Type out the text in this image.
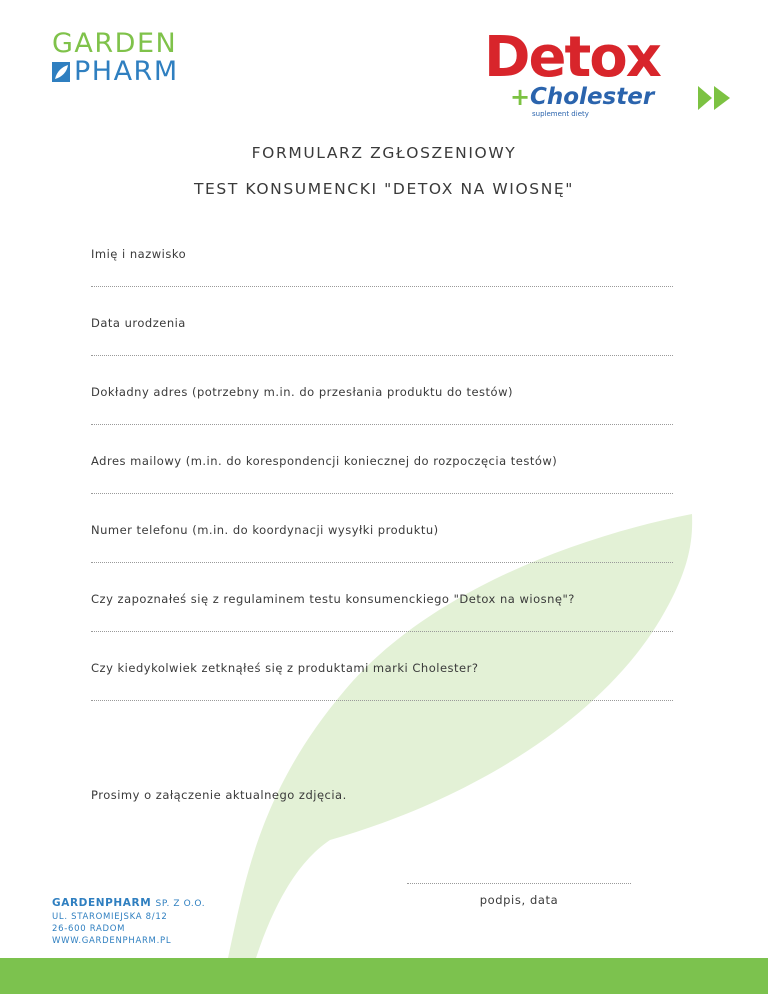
GARDEN
PHARM	Detox
+ Cholester
suplement diety
FORMULARZ ZGŁOSZENIOWY
TEST KONSUMENCKI "DETOX NA WIOSNĘ"
Imię i nazwisko
Data urodzenia
Dokładny adres (potrzebny m.in. do przesłania produktu do testów)
Adres mailowy (m.in. do korespondencji koniecznej do rozpoczęcia testów)
Numer telefonu (m.in. do koordynacji wysyłki produktu)
Czy zapoznałeś się z regulaminem testu konsumenckiego "Detox na wiosnę"?
Czy kiedykolwiek zetknąłeś się z produktami marki Cholester?
Prosimy o załączenie aktualnego zdjęcia.
podpis, data
GARDENPHARM SP. Z O.O.
UL. STAROMIEJSKA 8/12
26-600 RADOM
WWW.GARDENPHARM.PL
